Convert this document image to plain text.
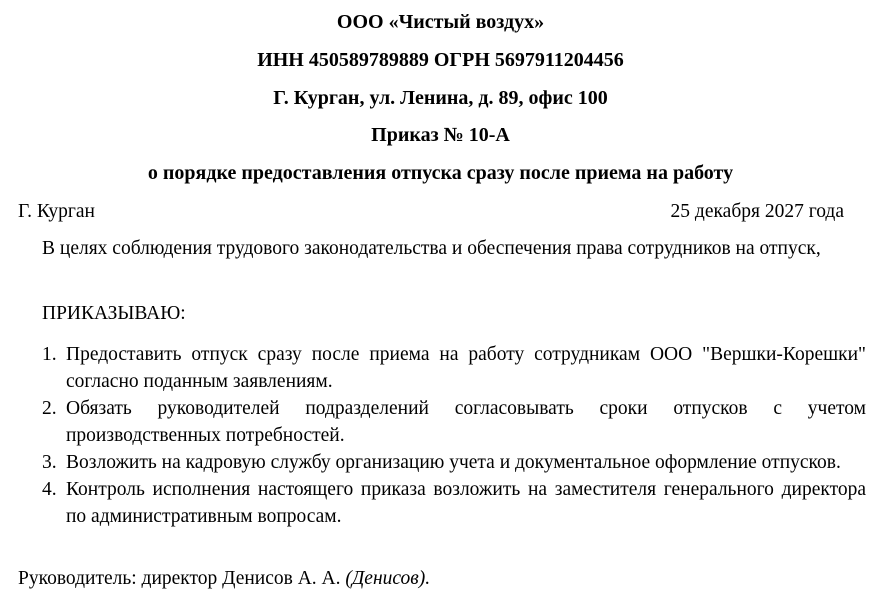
ООО «Чистый воздух»
ИНН 450589789889 ОГРН 5697911204456
Г. Курган, ул. Ленина, д. 89, офис 100
Приказ № 10-А
о порядке предоставления отпуска сразу после приема на работу
Г. Курган	25 декабря 2027 года
В целях соблюдения трудового законодательства и обеспечения права сотрудников на отпуск,
ПРИКАЗЫВАЮ:
1. Предоставить отпуск сразу после приема на работу сотрудникам ООО "Вершки-Корешки" согласно поданным заявлениям.
2. Обязать руководителей подразделений согласовывать сроки отпусков с учетом производственных потребностей.
3. Возложить на кадровую службу организацию учета и документальное оформление отпусков.
4. Контроль исполнения настоящего приказа возложить на заместителя генерального директора по административным вопросам.
Руководитель: директор Денисов А. А. (Денисов).
